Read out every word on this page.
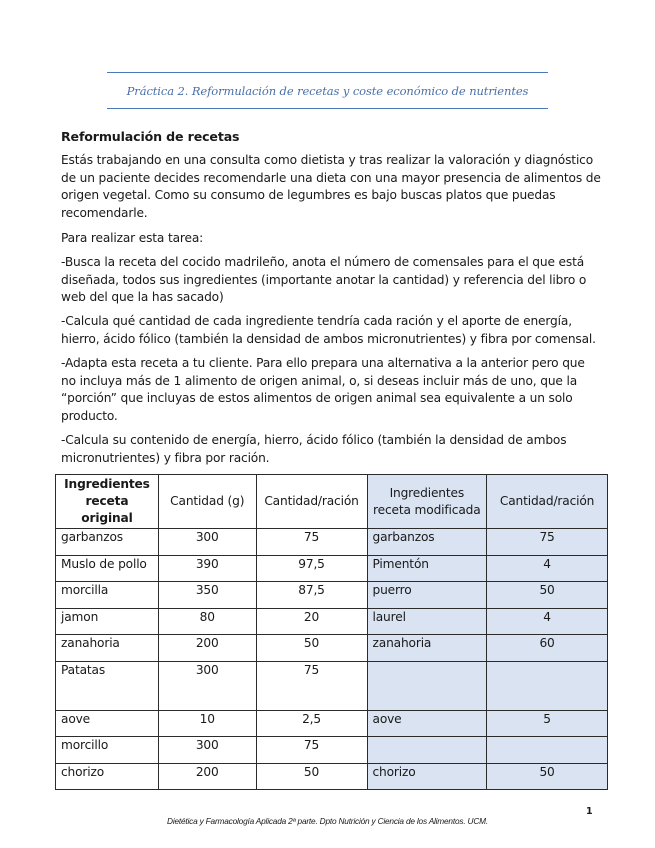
Práctica 2. Reformulación de recetas y coste económico de nutrientes
Reformulación de recetas
Estás trabajando en una consulta como dietista y tras realizar la valoración y diagnóstico de un paciente decides recomendarle una dieta con una mayor presencia de alimentos de origen vegetal. Como su consumo de legumbres es bajo buscas platos que puedas recomendarle.
Para realizar esta tarea:
-Busca la receta del cocido madrileño, anota el número de comensales para el que está diseñada, todos sus ingredientes (importante anotar la cantidad) y referencia del libro o web del que la has sacado)
-Calcula qué cantidad de cada ingrediente tendría cada ración y el aporte de energía, hierro, ácido fólico (también la densidad de ambos micronutrientes) y fibra por comensal.
-Adapta esta receta a tu cliente. Para ello prepara una alternativa a la anterior pero que no incluya más de 1 alimento de origen animal, o, si deseas incluir más de uno, que la “porción” que incluyas de estos alimentos de origen animal sea equivalente a un solo producto.
-Calcula su contenido de energía, hierro, ácido fólico (también la densidad de ambos micronutrientes) y fibra por ración.
Ingredientes receta original	Cantidad (g)	Cantidad/ración	Ingredientes receta modificada	Cantidad/ración
garbanzos	300	75	garbanzos	75
Muslo de pollo	390	97,5	Pimentón	4
morcilla	350	87,5	puerro	50
jamon	80	20	laurel	4
zanahoria	200	50	zanahoria	60
Patatas	300	75		
aove	10	2,5	aove	5
morcillo	300	75		
chorizo	200	50	chorizo	50
1
Dietética y Farmacología Aplicada 2ª parte. Dpto Nutrición y Ciencia de los Alimentos. UCM.
